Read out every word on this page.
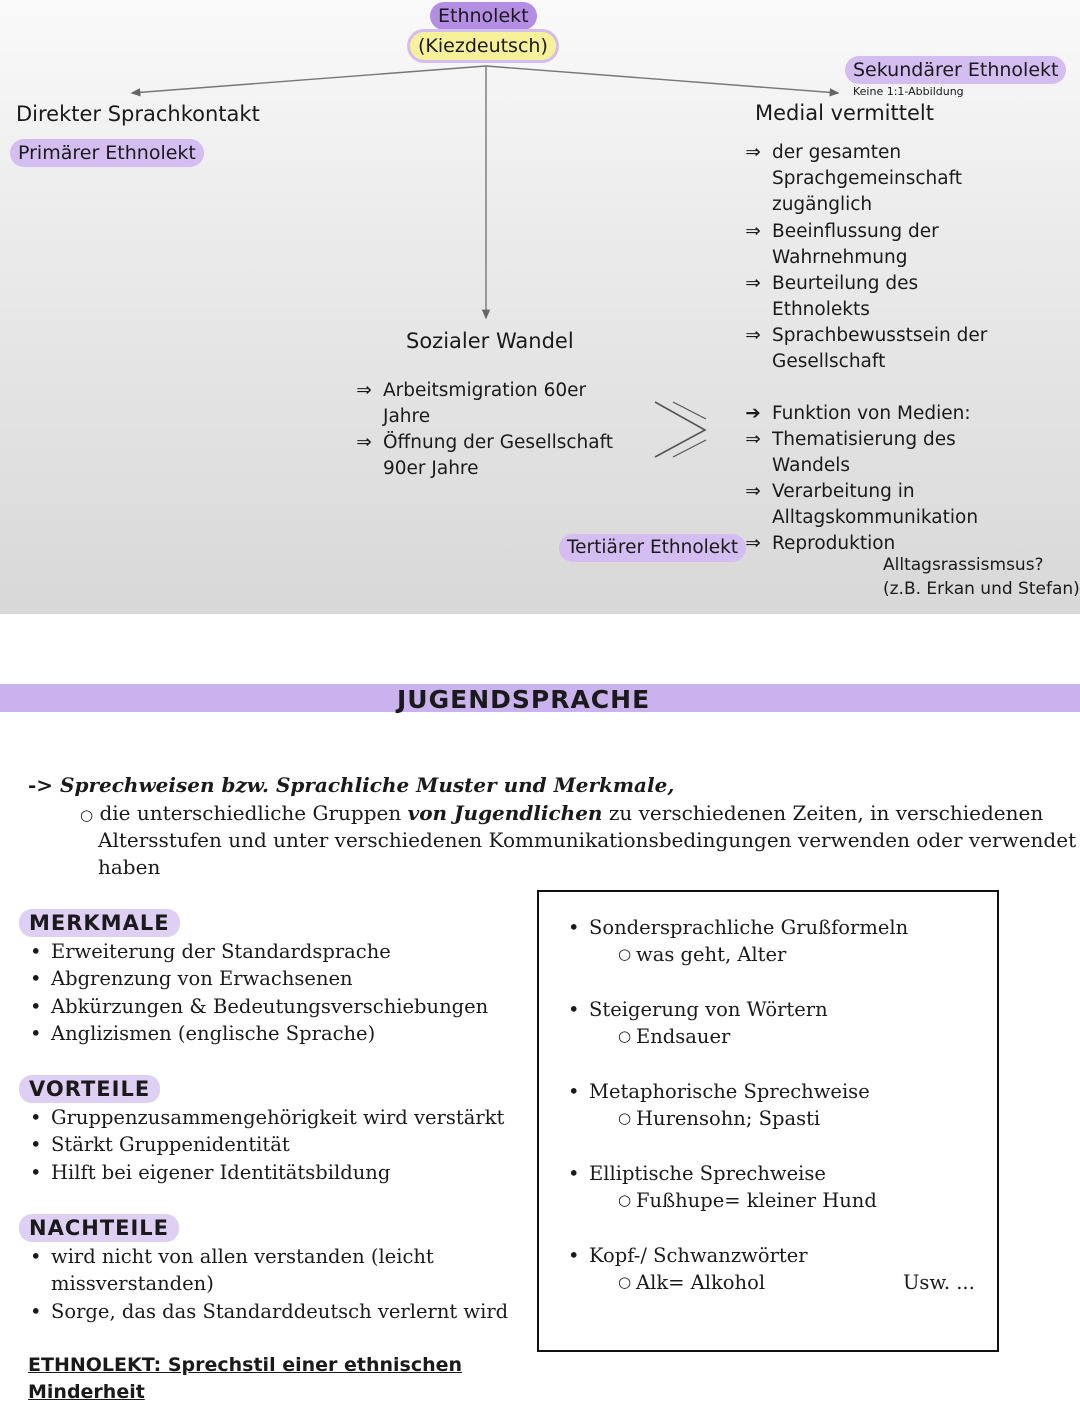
Ethnolekt
(Kiezdeutsch)
Direkter Sprachkontakt
Primärer Ethnolekt
Sekundärer Ethnolekt
Keine 1:1-Abbildung
Medial vermittelt
⇒ der gesamten
Sprachgemeinschaft
zugänglich
⇒ Beeinflussung der
Wahrnehmung
⇒ Beurteilung des
Ethnolekts
⇒ Sprachbewusstsein der
Gesellschaft
➔ Funktion von Medien:
⇒ Thematisierung des
Wandels
⇒ Verarbeitung in
Alltagskommunikation
Tertiärer Ethnolekt ⇒ Reproduktion
Alltagsrassismsus?
(z.B. Erkan und Stefan)
Sozialer Wandel
⇒ Arbeitsmigration 60er
Jahre
⇒ Öffnung der Gesellschaft
90er Jahre
JUGENDSPRACHE
-> Sprechweisen bzw. Sprachliche Muster und Merkmale,
○ die unterschiedliche Gruppen von Jugendlichen zu verschiedenen Zeiten, in verschiedenen
Altersstufen und unter verschiedenen Kommunikationsbedingungen verwenden oder verwendet
haben
MERKMALE
• Erweiterung der Standardsprache
• Abgrenzung von Erwachsenen
• Abkürzungen & Bedeutungsverschiebungen
• Anglizismen (englische Sprache)
VORTEILE
• Gruppenzusammengehörigkeit wird verstärkt
• Stärkt Gruppenidentität
• Hilft bei eigener Identitätsbildung
NACHTEILE
• wird nicht von allen verstanden (leicht
missverstanden)
• Sorge, das das Standarddeutsch verlernt wird
• Sondersprachliche Grußformeln
○ was geht, Alter
• Steigerung von Wörtern
○ Endsauer
• Metaphorische Sprechweise
○ Hurensohn; Spasti
• Elliptische Sprechweise
○ Fußhupe= kleiner Hund
• Kopf-/ Schwanzwörter
○ Alk= Alkohol	Usw. ...
ETHNOLEKT: Sprechstil einer ethnischen
Minderheit
